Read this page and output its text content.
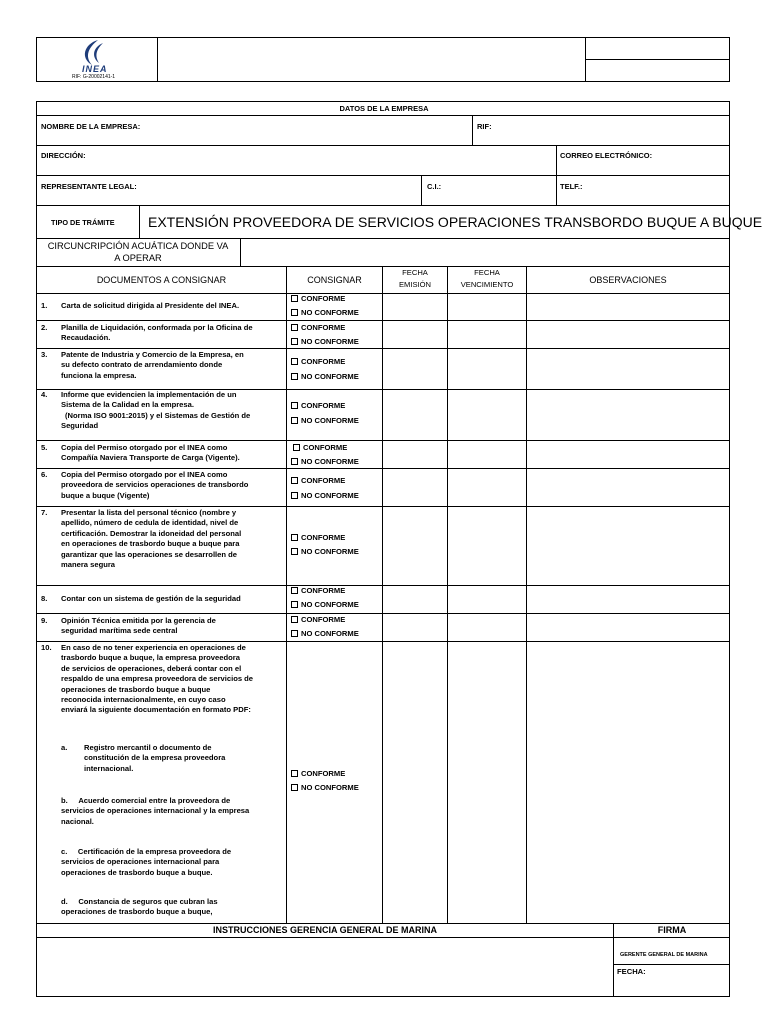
INEA
RIF: G-20002141-1
DATOS DE LA EMPRESA
NOMBRE DE LA EMPRESA:	RIF:
DIRECCIÓN:	CORREO ELECTRÓNICO:
REPRESENTANTE LEGAL:	C.I.:	TELF.:
TIPO DE TRÁMITE EXTENSIÓN PROVEEDORA DE SERVICIOS OPERACIONES TRANSBORDO BUQUE A BUQUE
CIRCUNCRIPCIÓN ACUÁTICA DONDE VA
A OPERAR
DOCUMENTOS A CONSIGNAR	CONSIGNAR
FECHA
EMISIÓN
FECHA
VENCIMIENTO	OBSERVACIONES
1. Carta de solicitud dirigida al Presidente del INEA.
CONFORME
NO CONFORME
2. Planilla de Liquidación, conformada por la Oficina de
Recaudación.
CONFORME
NO CONFORME
3. Patente de Industria y Comercio de la Empresa, en
su defecto contrato de arrendamiento donde
funciona la empresa.
CONFORME
NO CONFORME
4. Informe que evidencien la implementación de un
Sistema de la Calidad en la empresa.
(Norma ISO 9001:2015) y el Sistemas de Gestión de
Seguridad
CONFORME
NO CONFORME
5. Copia del Permiso otorgado por el INEA como
Compañía Naviera Transporte de Carga (Vigente).
CONFORME
NO CONFORME
6. Copia del Permiso otorgado por el INEA como
proveedora de servicios operaciones de transbordo
buque a buque (Vigente)
CONFORME
NO CONFORME
7. Presentar la lista del personal técnico (nombre y
apellido, número de cedula de identidad, nivel de
certificación. Demostrar la idoneidad del personal
en operaciones de trasbordo buque a buque para
garantizar que las operaciones se desarrollen de
manera segura
CONFORME
NO CONFORME
8. Contar con un sistema de gestión de la seguridad
CONFORME
NO CONFORME
9. Opinión Técnica emitida por la gerencia de
seguridad marítima sede central
CONFORME
NO CONFORME
10. En caso de no tener experiencia en operaciones de
trasbordo buque a buque, la empresa proveedora
de servicios de operaciones, deberá contar con el
respaldo de una empresa proveedora de servicios de
operaciones de trasbordo buque a buque
reconocida internacionalmente, en cuyo caso
enviará la siguiente documentación en formato PDF:
a. Registro mercantil o documento de
constitución de la empresa proveedora
internacional.
b. Acuerdo comercial entre la proveedora de
servicios de operaciones internacional y la empresa
nacional.
c. Certificación de la empresa proveedora de
servicios de operaciones internacional para
operaciones de trasbordo buque a buque.
d. Constancia de seguros que cubran las
operaciones de trasbordo buque a buque,
CONFORME
NO CONFORME
INSTRUCCIONES GERENCIA GENERAL DE MARINA	FIRMA
GERENTE GENERAL DE MARINA
FECHA:
